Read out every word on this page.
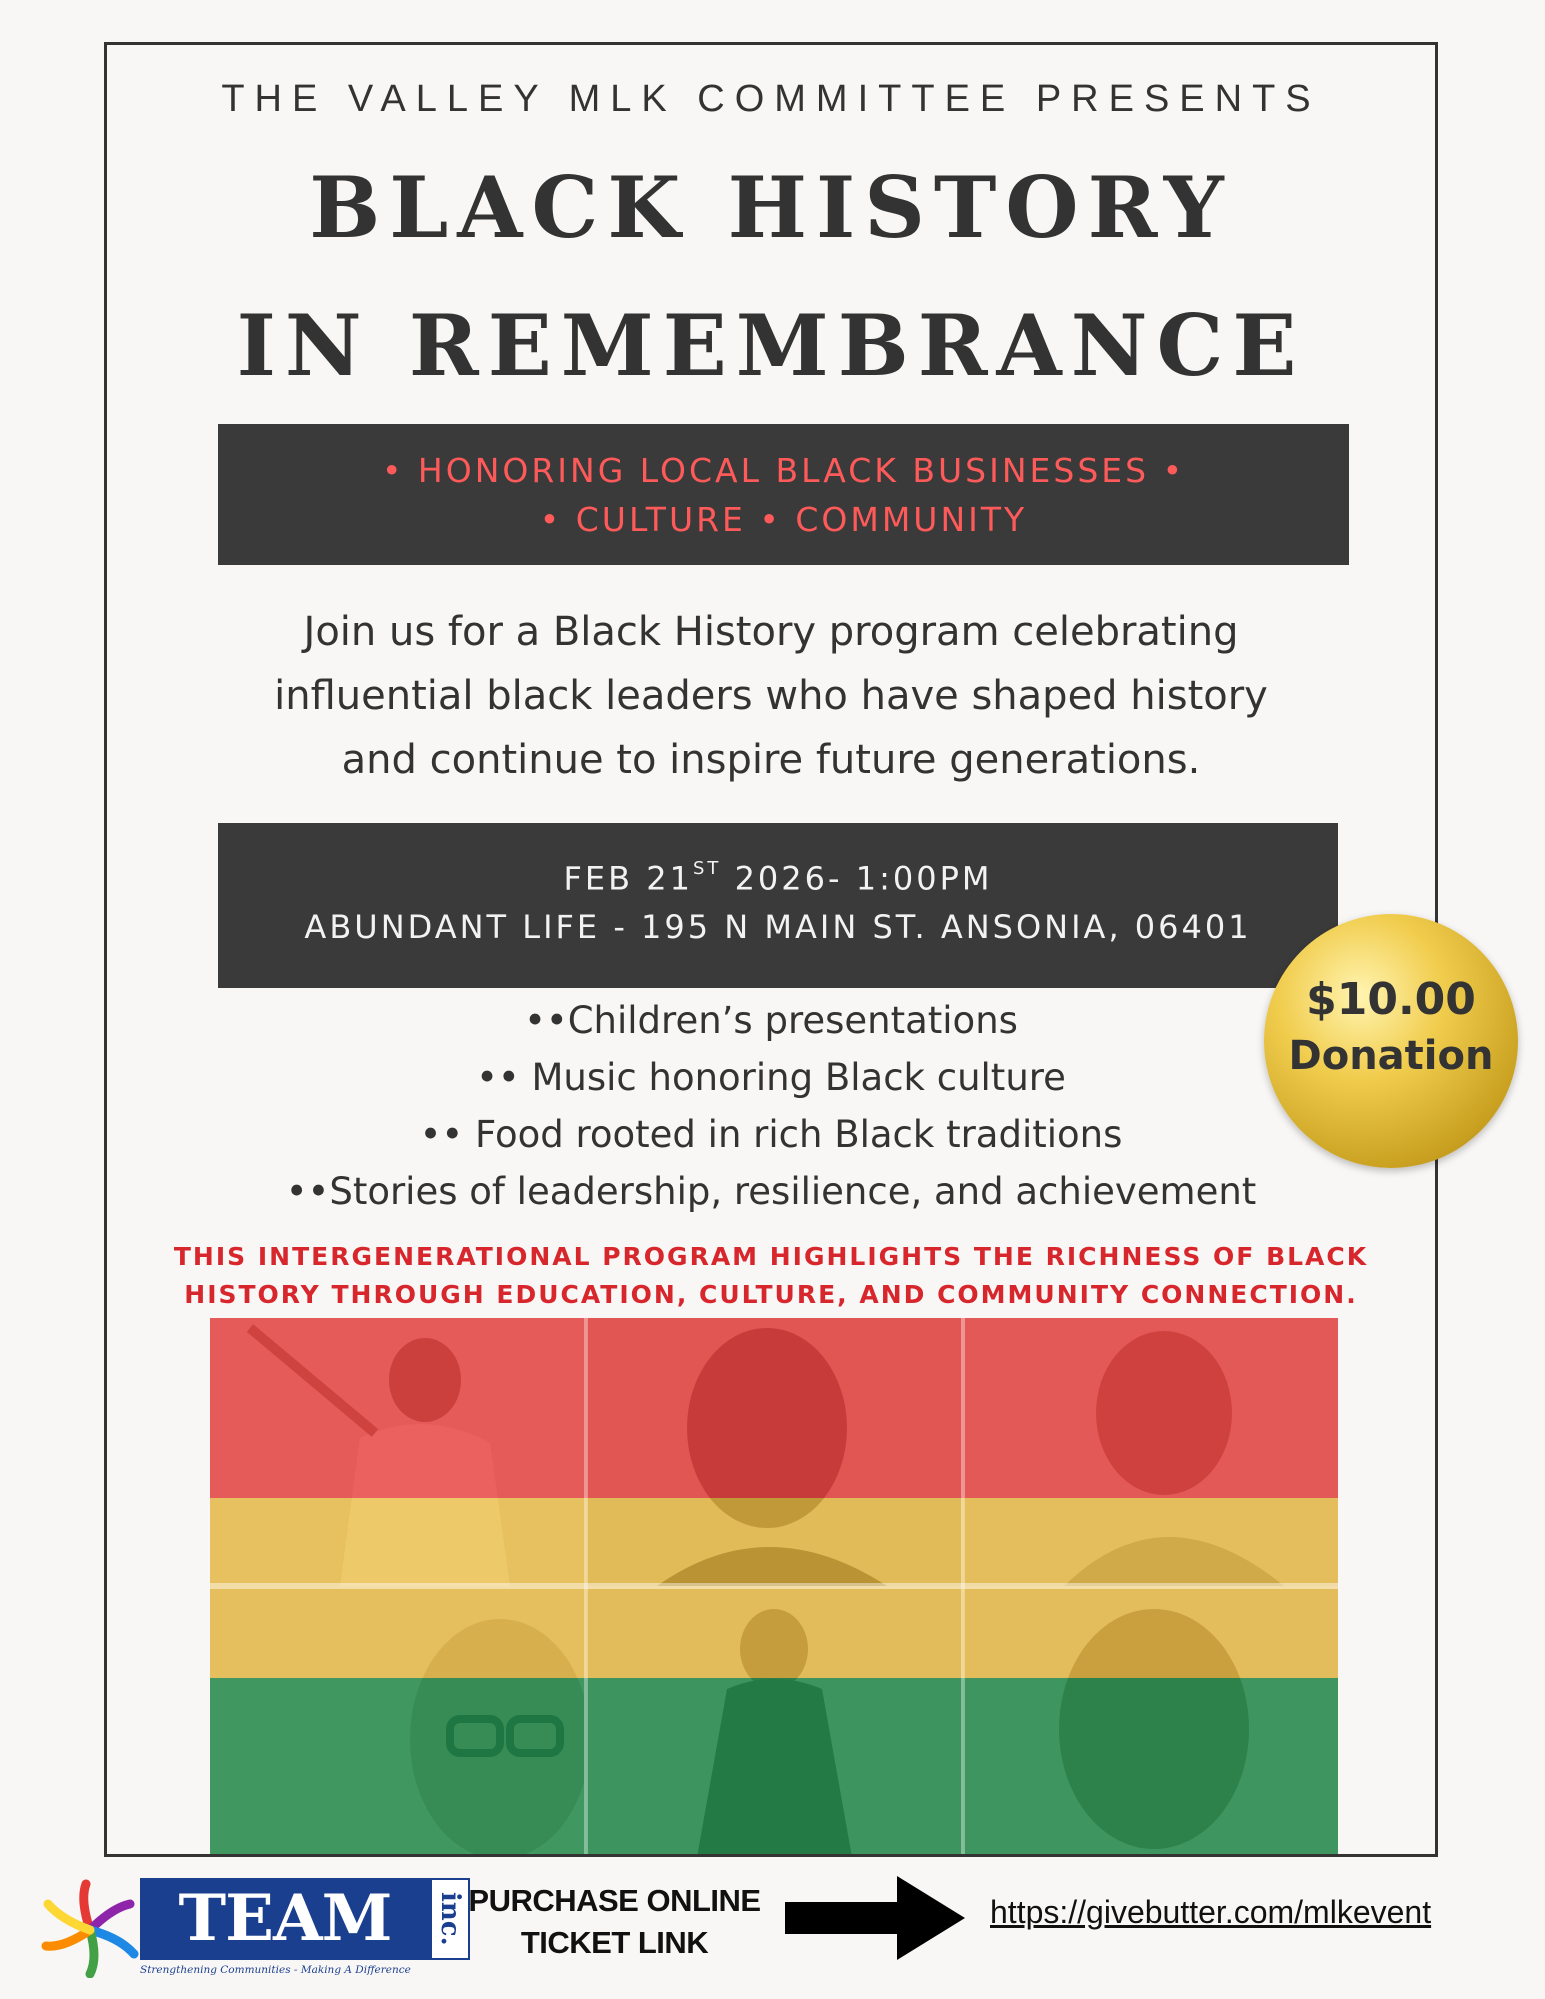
THE VALLEY MLK COMMITTEE PRESENTS
BLACK HISTORY
IN REMEMBRANCE
• HONORING LOCAL BLACK BUSINESSES •
• CULTURE • COMMUNITY
Join us for a Black History program celebrating
influential black leaders who have shaped history
and continue to inspire future generations.
FEB 21ST 2026- 1:00PM
ABUNDANT LIFE - 195 N MAIN ST. ANSONIA, 06401
$10.00
Donation
••Children’s presentations
•• Music honoring Black culture
•• Food rooted in rich Black traditions
••Stories of leadership, resilience, and achievement
THIS INTERGENERATIONAL PROGRAM HIGHLIGHTS THE RICHNESS OF BLACK
HISTORY THROUGH EDUCATION, CULTURE, AND COMMUNITY CONNECTION.
TEAM	inc.
Strengthening Communities - Making A Difference
PURCHASE ONLINE
TICKET LINK
https://givebutter.com/mlkevent
